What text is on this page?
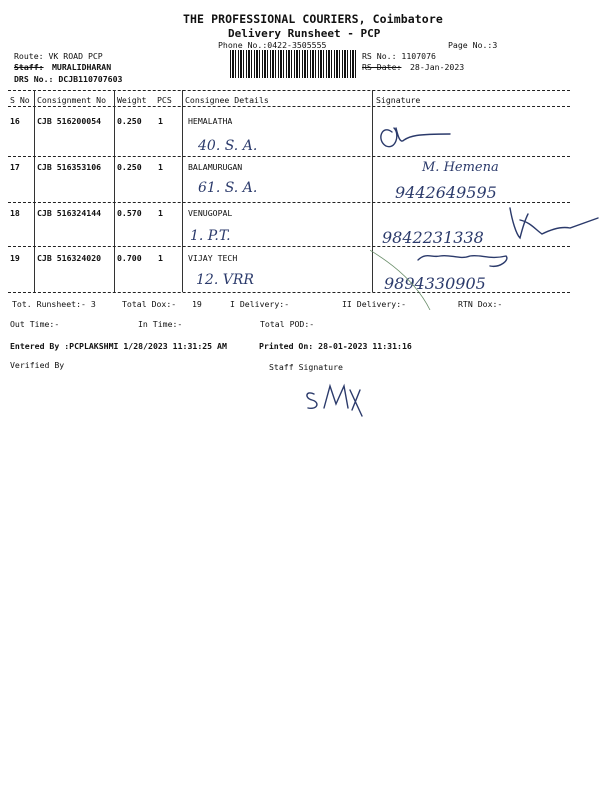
THE PROFESSIONAL COURIERS, Coimbatore
Delivery Runsheet - PCP
Phone No.:0422-3505555	Page No.:3
Route: VK ROAD PCP
Staff: MURALIDHARAN
DRS No.: DCJB110707603
RS No.: 1107076
RS Date: 28-Jan-2023
S No Consignment No Weight PCS Consignee Details	Signature
16 CJB 516200054 0.250 1	HEMALATHA
40. S. A.
17 CJB 516353106 0.250 1	BALAMURUGAN
61. S. A.
M. Hemena
9442649595
18 CJB 516324144 0.570 1	VENUGOPAL
1. P.T.	9842231338
19 CJB 516324020 0.700 1	VIJAY TECH
12. VRR	9894330905
Tot. Runsheet:- 3	Total Dox:- 19	I Delivery:-	II Delivery:-	RTN Dox:-
Out Time:-	In Time:-	Total POD:-
Entered By :PCPLAKSHMI 1/28/2023 11:31:25 AM	Printed On: 28-01-2023 11:31:16
Verified By	Staff Signature
